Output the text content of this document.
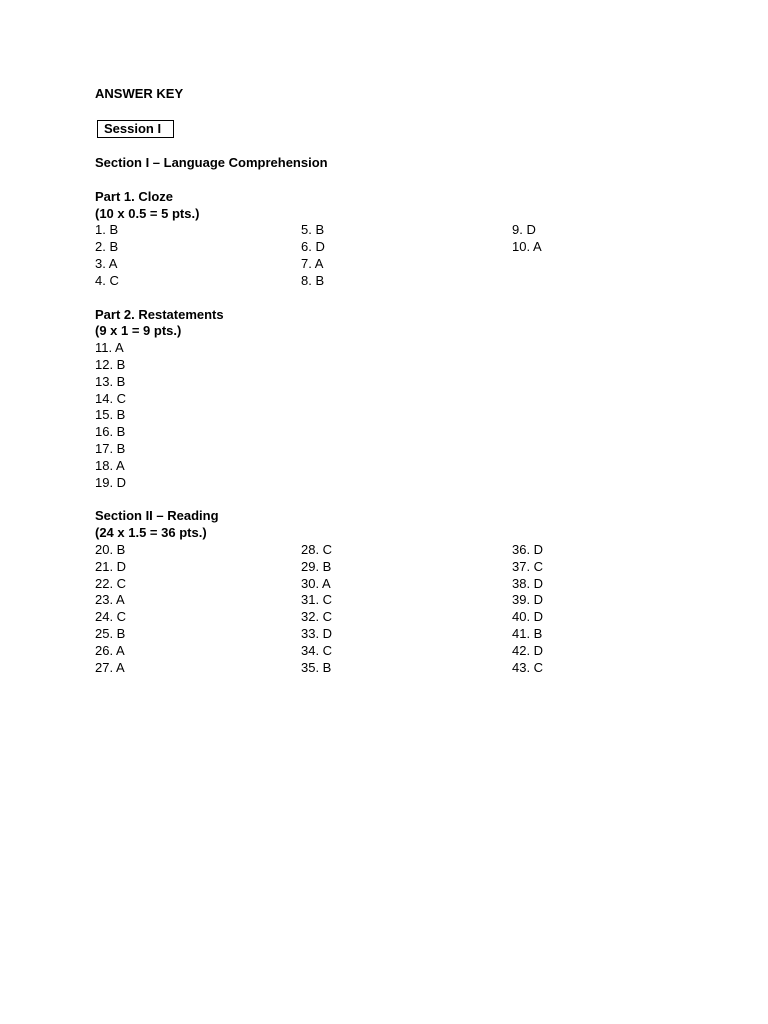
ANSWER KEY
Session I
Section I – Language Comprehension
Part 1. Cloze
(10 x 0.5 = 5 pts.)
1. B
2. B
3. A
4. C
5. B
6. D
7. A
8. B
9. D
10. A
Part 2. Restatements
(9 x 1 = 9 pts.)
11. A
12. B
13. B
14. C
15. B
16. B
17. B
18. A
19. D
Section II – Reading
(24 x 1.5 = 36 pts.)
20. B
21. D
22. C
23. A
24. C
25. B
26. A
27. A
28. C
29. B
30. A
31. C
32. C
33. D
34. C
35. B
36. D
37. C
38. D
39. D
40. D
41. B
42. D
43. C
